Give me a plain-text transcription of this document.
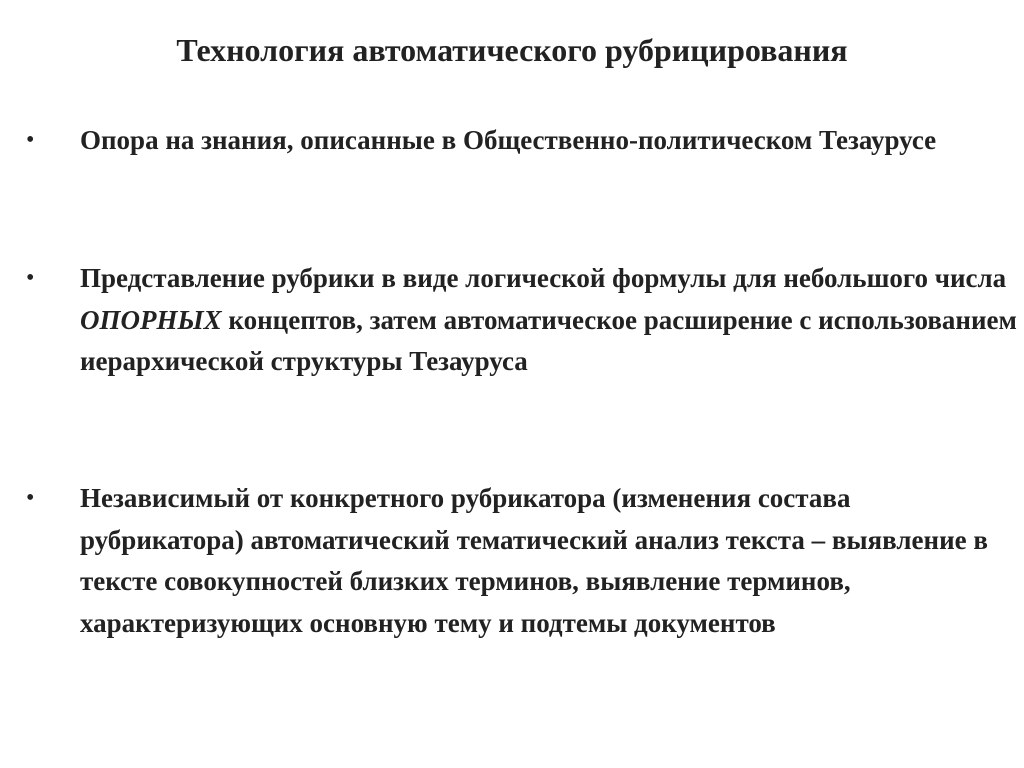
Технология автоматического рубрицирования
• Опора на знания, описанные в Общественно-политическом Тезаурусе

• Представление рубрики в виде логической формулы для небольшого числа ОПОРНЫХ концептов, затем автоматическое расширение с использованием иерархической структуры Тезауруса

• Независимый от конкретного рубрикатора (изменения состава рубрикатора) автоматический тематический анализ текста – выявление в тексте совокупностей близких терминов, выявление терминов, характеризующих основную тему и подтемы документов
